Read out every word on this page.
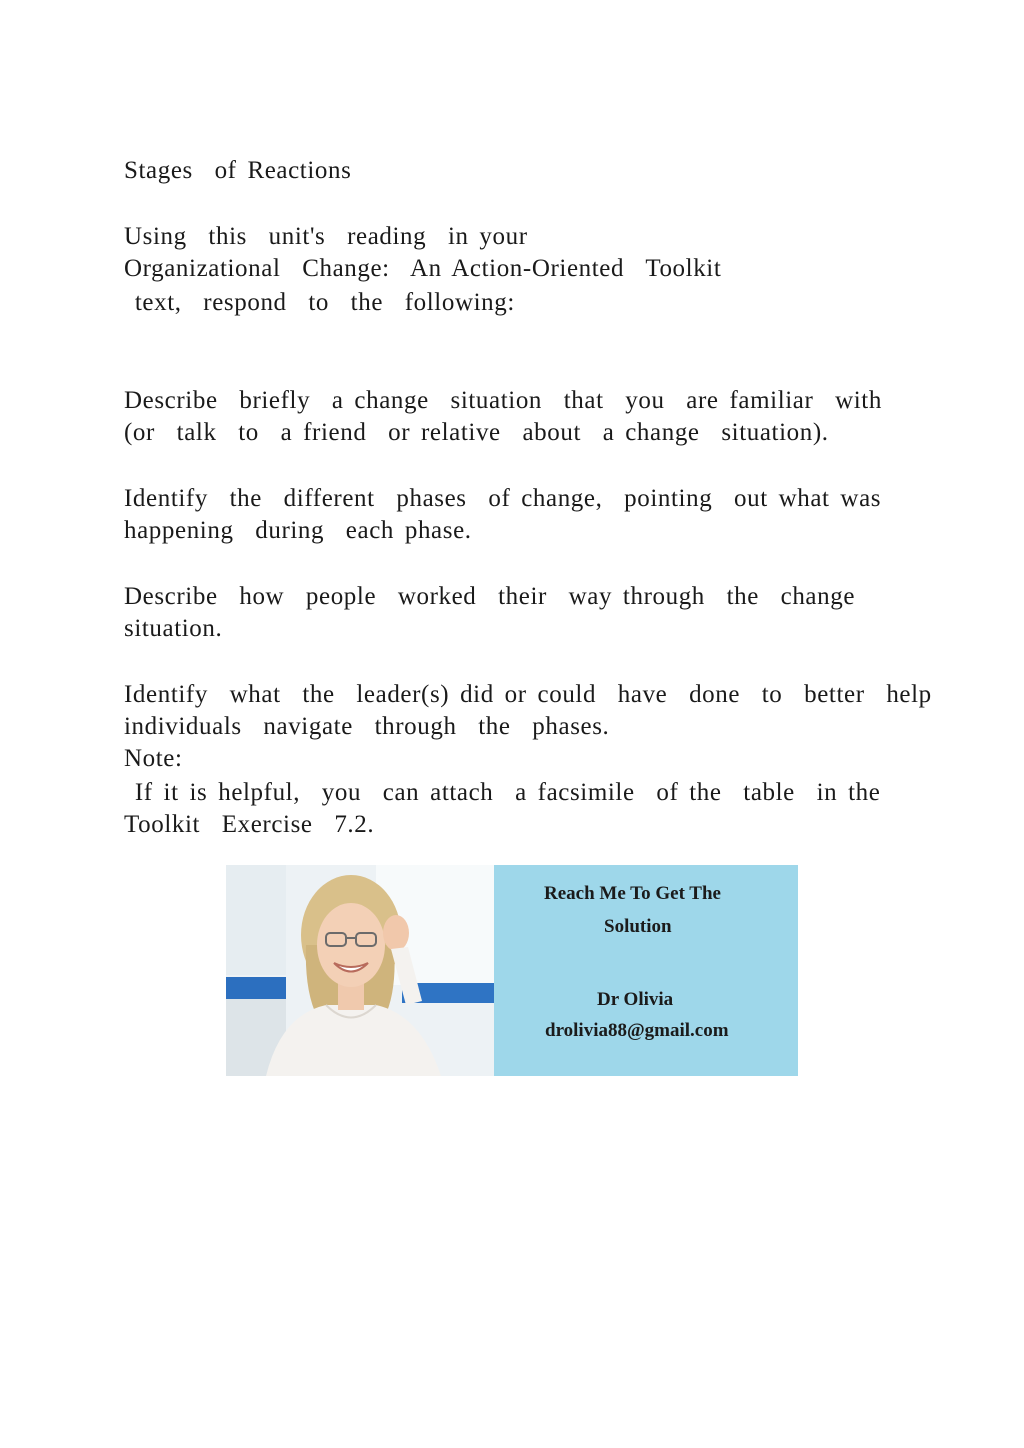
Stages  of Reactions
Using  this  unit's  reading  in your
Organizational  Change:  An Action-Oriented  Toolkit
text,  respond  to  the  following:
Describe  briefly  a change  situation  that  you  are familiar  with
(or  talk  to  a friend  or relative  about  a change  situation).
Identify  the  different  phases  of change,  pointing  out what was
happening  during  each phase.
Describe  how  people  worked  their  way through  the  change
situation.
Identify  what  the  leader(s) did or could  have  done  to  better  help
individuals  navigate  through  the  phases.
Note:
If it is helpful,  you  can attach  a facsimile  of the  table  in the
Toolkit  Exercise  7.2.
Reach Me To Get The
Solution
Dr Olivia
drolivia88@gmail.com
